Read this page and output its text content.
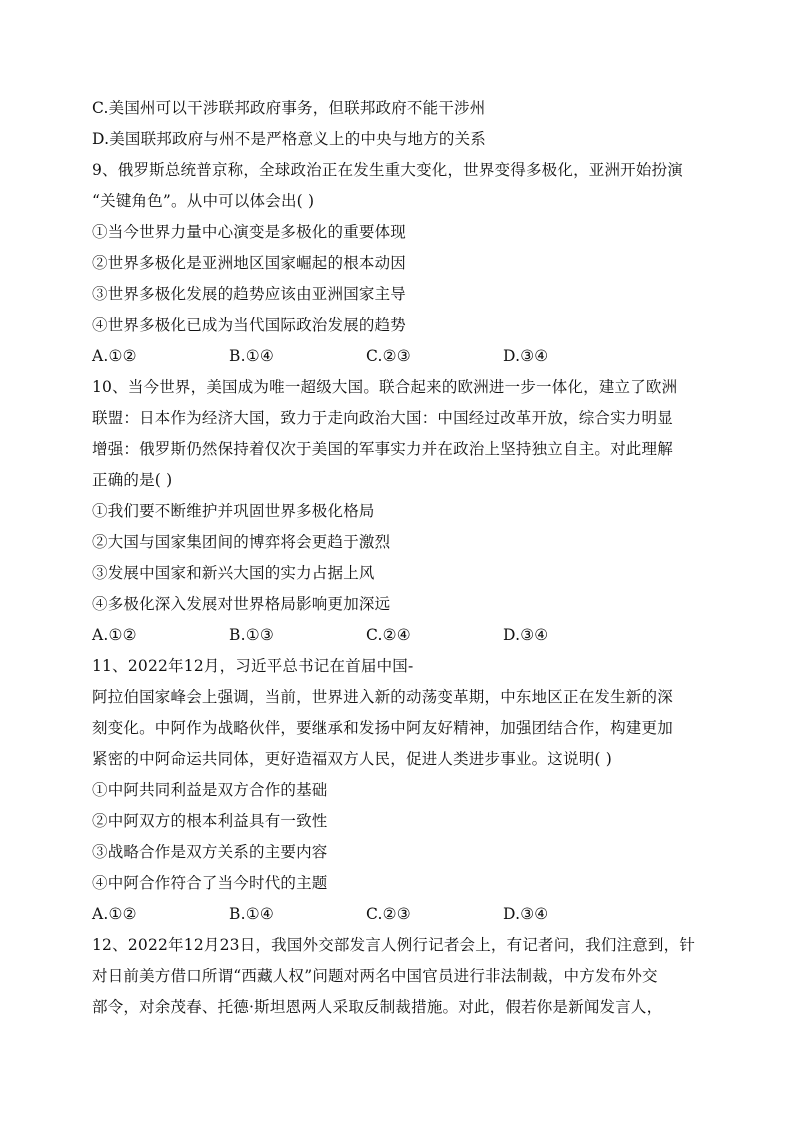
C.美国州可以干涉联邦政府事务，但联邦政府不能干涉州
D.美国联邦政府与州不是严格意义上的中央与地方的关系
9、俄罗斯总统普京称，全球政治正在发生重大变化，世界变得多极化，亚洲开始扮演
“关键角色”。从中可以体会出( )
①当今世界力量中心演变是多极化的重要体现
②世界多极化是亚洲地区国家崛起的根本动因
③世界多极化发展的趋势应该由亚洲国家主导
④世界多极化已成为当代国际政治发展的趋势
A.①②	B.①④	C.②③	D.③④
10、当今世界，美国成为唯一超级大国。联合起来的欧洲进一步一体化，建立了欧洲
联盟：日本作为经济大国，致力于走向政治大国：中国经过改革开放，综合实力明显
增强：俄罗斯仍然保持着仅次于美国的军事实力并在政治上坚持独立自主。对此理解
正确的是( )
①我们要不断维护并巩固世界多极化格局
②大国与国家集团间的博弈将会更趋于激烈
③发展中国家和新兴大国的实力占据上风
④多极化深入发展对世界格局影响更加深远
A.①②	B.①③	C.②④	D.③④
11、2022年12月，习近平总书记在首届中国-
阿拉伯国家峰会上强调，当前，世界进入新的动荡变革期，中东地区正在发生新的深
刻变化。中阿作为战略伙伴，要继承和发扬中阿友好精神，加强团结合作，构建更加
紧密的中阿命运共同体，更好造福双方人民，促进人类进步事业。这说明( )
①中阿共同利益是双方合作的基础
②中阿双方的根本利益具有一致性
③战略合作是双方关系的主要内容
④中阿合作符合了当今时代的主题
A.①②	B.①④	C.②③	D.③④
12、2022年12月23日，我国外交部发言人例行记者会上，有记者问，我们注意到，针
对日前美方借口所谓“西藏人权”问题对两名中国官员进行非法制裁，中方发布外交
部令，对余茂春、托德·斯坦恩两人采取反制裁措施。对此，假若你是新闻发言人，
